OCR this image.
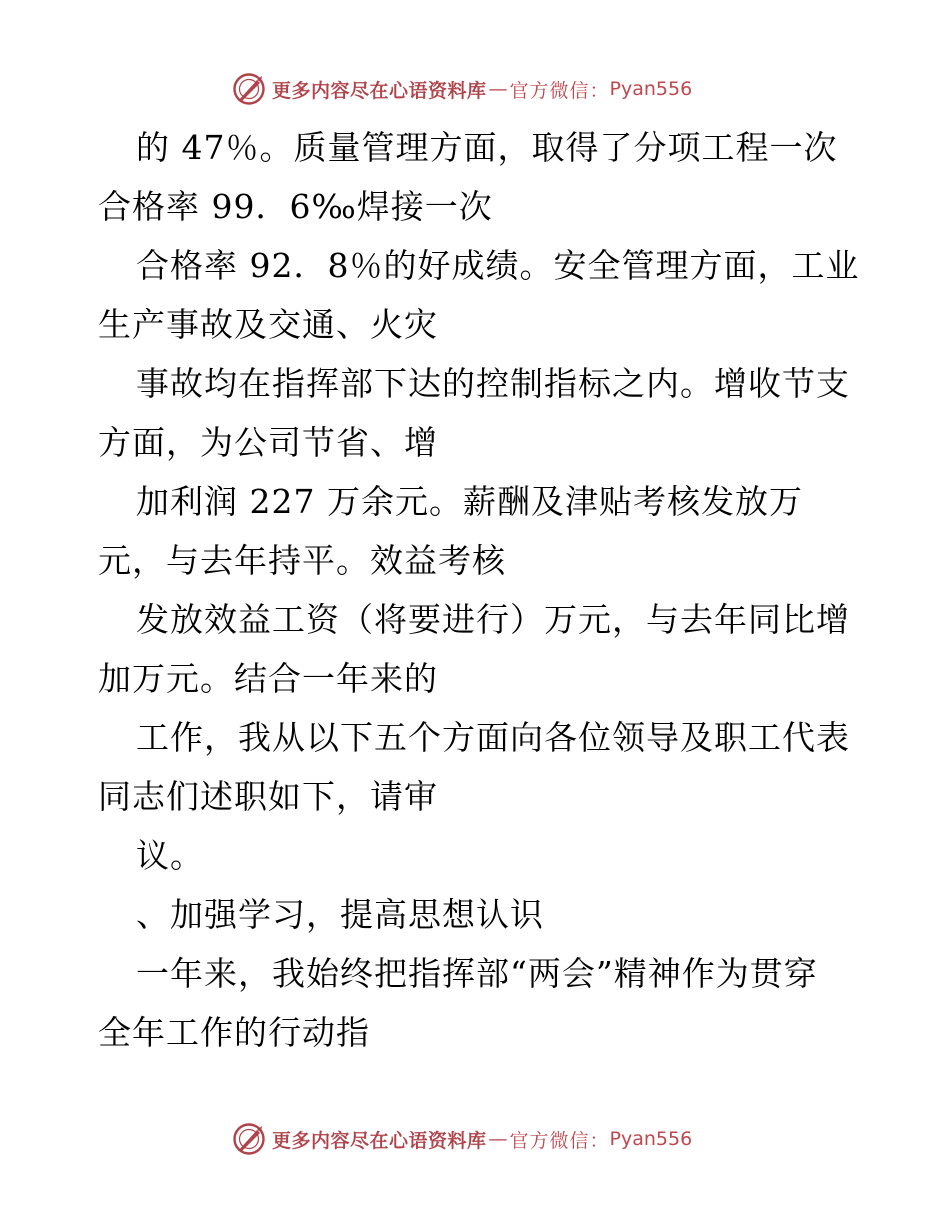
更多内容尽在心语资料库 — 官方微信： Pyan556
的 47％。质量管理方面，取得了分项工程一次
合格率 99．6‰焊接一次
合格率 92．8％的好成绩。安全管理方面，工业
生产事故及交通、火灾
事故均在指挥部下达的控制指标之内。增收节支
方面，为公司节省、增
加利润 227 万余元。薪酬及津贴考核发放万
元，与去年持平。效益考核
发放效益工资（将要进行）万元，与去年同比增
加万元。结合一年来的
工作，我从以下五个方面向各位领导及职工代表
同志们述职如下，请审
议。
、加强学习，提高思想认识
一年来，我始终把指挥部“两会”精神作为贯穿
全年工作的行动指
更多内容尽在心语资料库 — 官方微信： Pyan556
